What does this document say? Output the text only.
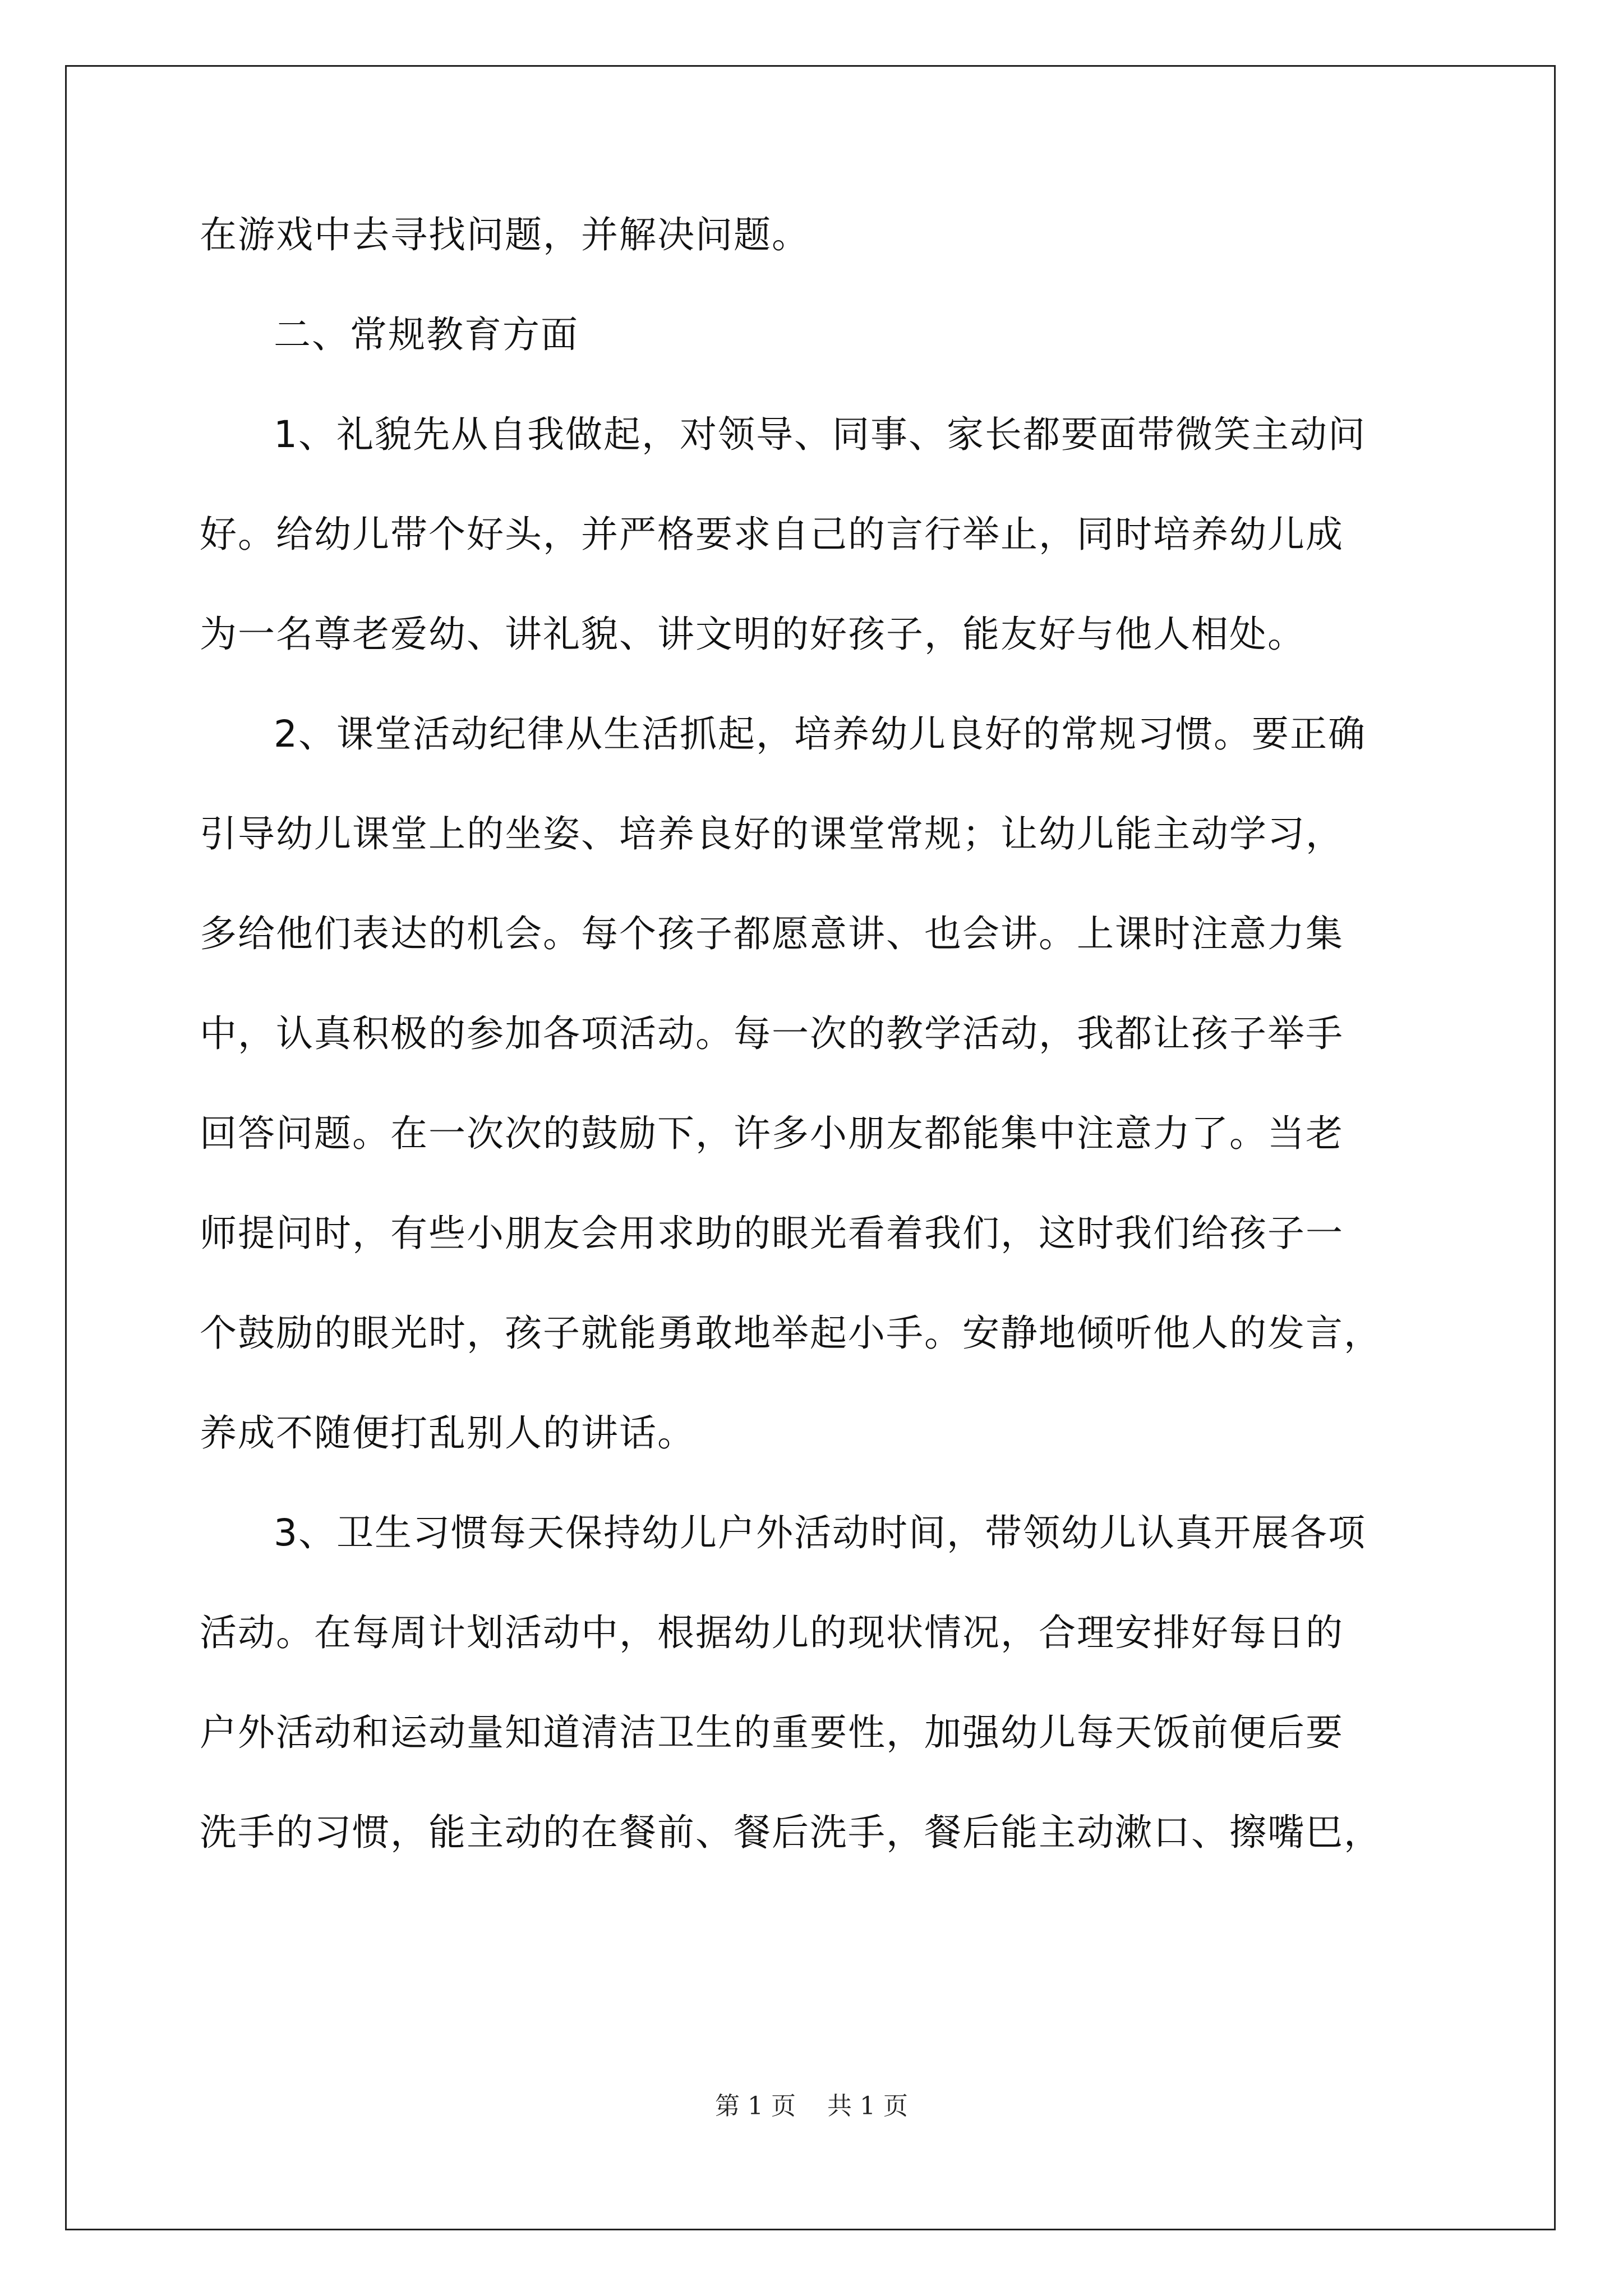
在游戏中去寻找问题，并解决问题。
二、常规教育方面
1、礼貌先从自我做起，对领导、同事、家长都要面带微笑主动问
好。给幼儿带个好头，并严格要求自己的言行举止，同时培养幼儿成
为一名尊老爱幼、讲礼貌、讲文明的好孩子，能友好与他人相处。
2、课堂活动纪律从生活抓起，培养幼儿良好的常规习惯。要正确
引导幼儿课堂上的坐姿、培养良好的课堂常规；让幼儿能主动学习，
多给他们表达的机会。每个孩子都愿意讲、也会讲。上课时注意力集
中，认真积极的参加各项活动。每一次的教学活动，我都让孩子举手
回答问题。在一次次的鼓励下，许多小朋友都能集中注意力了。当老
师提问时，有些小朋友会用求助的眼光看着我们，这时我们给孩子一
个鼓励的眼光时，孩子就能勇敢地举起小手。安静地倾听他人的发言，
养成不随便打乱别人的讲话。
3、卫生习惯每天保持幼儿户外活动时间，带领幼儿认真开展各项
活动。在每周计划活动中，根据幼儿的现状情况，合理安排好每日的
户外活动和运动量知道清洁卫生的重要性，加强幼儿每天饭前便后要
洗手的习惯，能主动的在餐前、餐后洗手，餐后能主动漱口、擦嘴巴，
第 1 页 共 1 页
